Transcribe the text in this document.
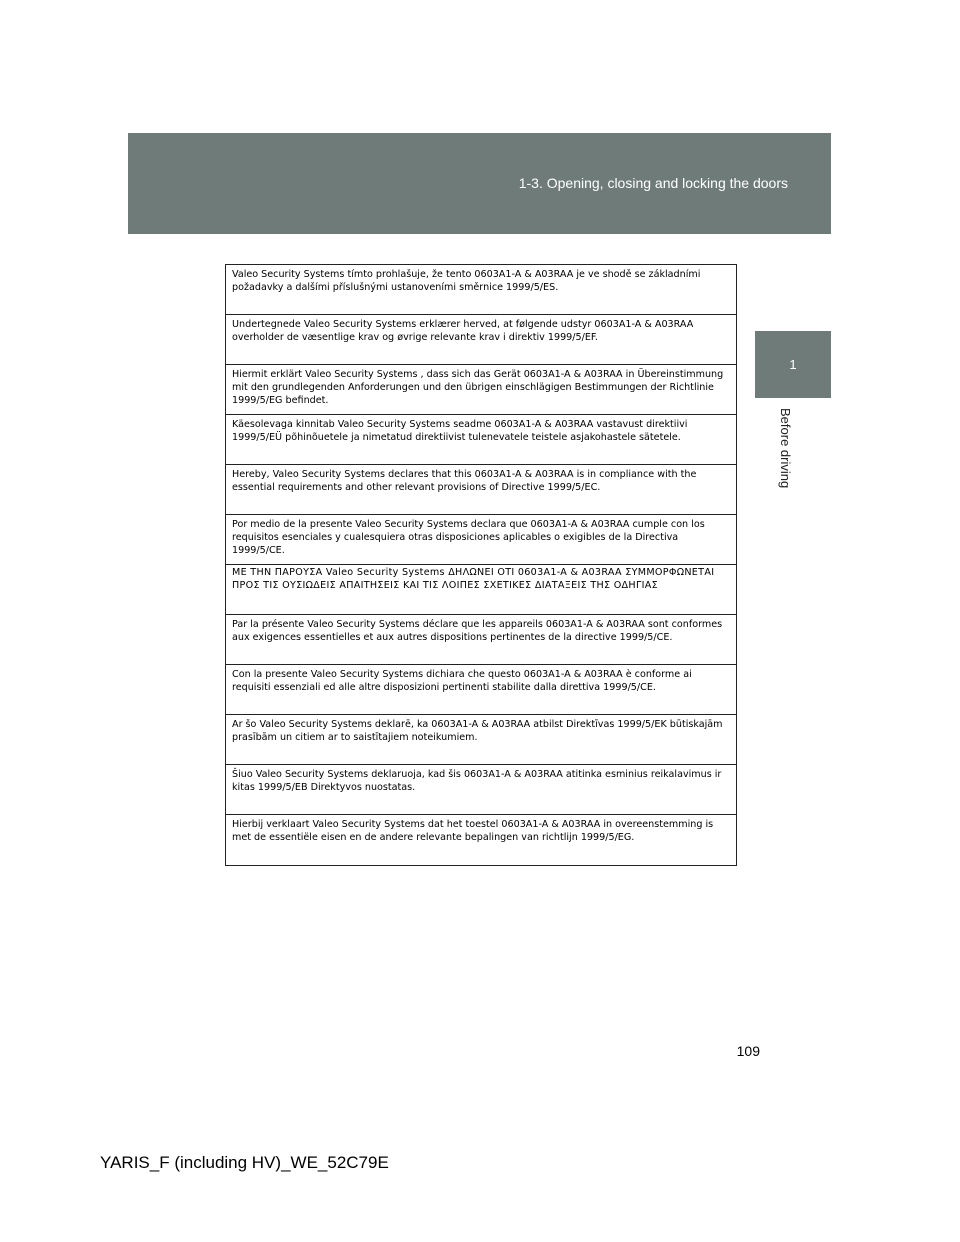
1-3. Opening, closing and locking the doors
1
Before driving
Valeo Security Systems tímto prohlašuje, že tento 0603A1-A & A03RAA je ve shodě se základními požadavky a dalšími příslušnými ustanoveními směrnice 1999/5/ES.
Undertegnede Valeo Security Systems erklærer herved, at følgende udstyr 0603A1-A & A03RAA overholder de væsentlige krav og øvrige relevante krav i direktiv 1999/5/EF.
Hiermit erklärt Valeo Security Systems , dass sich das Gerät 0603A1-A & A03RAA in Übereinstimmung mit den grundlegenden Anforderungen und den übrigen einschlägigen Bestimmungen der Richtlinie 1999/5/EG befindet.
Käesolevaga kinnitab Valeo Security Systems seadme 0603A1-A & A03RAA vastavust direktiivi 1999/5/EÜ põhinõuetele ja nimetatud direktiivist tulenevatele teistele asjakohastele sätetele.
Hereby, Valeo Security Systems declares that this 0603A1-A & A03RAA is in compliance with the essential requirements and other relevant provisions of Directive 1999/5/EC.
Por medio de la presente Valeo Security Systems declara que 0603A1-A & A03RAA cumple con los requisitos esenciales y cualesquiera otras disposiciones aplicables o exigibles de la Directiva 1999/5/CE.
ΜΕ ΤΗΝ ΠΑΡΟΥΣΑ Valeo Security Systems ΔΗΛΩΝΕΙ ΟΤΙ 0603A1-A & A03RAA ΣΥΜΜΟΡΦΩΝΕΤΑΙ ΠΡΟΣ ΤΙΣ ΟΥΣΙΩΔΕΙΣ ΑΠΑΙΤΗΣΕΙΣ ΚΑΙ ΤΙΣ ΛΟΙΠΕΣ ΣΧΕΤΙΚΕΣ ΔΙΑΤΑΞΕΙΣ ΤΗΣ ΟΔΗΓΙΑΣ
Par la présente Valeo Security Systems déclare que les appareils 0603A1-A & A03RAA sont conformes aux exigences essentielles et aux autres dispositions pertinentes de la directive 1999/5/CE.
Con la presente Valeo Security Systems dichiara che questo 0603A1-A & A03RAA è conforme ai requisiti essenziali ed alle altre disposizioni pertinenti stabilite dalla direttiva 1999/5/CE.
Ar šo Valeo Security Systems deklarē, ka 0603A1-A & A03RAA atbilst Direktīvas 1999/5/EK būtiskajām prasībām un citiem ar to saistītajiem noteikumiem.
Šiuo Valeo Security Systems deklaruoja, kad šis 0603A1-A & A03RAA atitinka esminius reikalavimus ir kitas 1999/5/EB Direktyvos nuostatas.
Hierbij verklaart Valeo Security Systems dat het toestel 0603A1-A & A03RAA in overeenstemming is met de essentiële eisen en de andere relevante bepalingen van richtlijn 1999/5/EG.
109
YARIS_F (including HV)_WE_52C79E
